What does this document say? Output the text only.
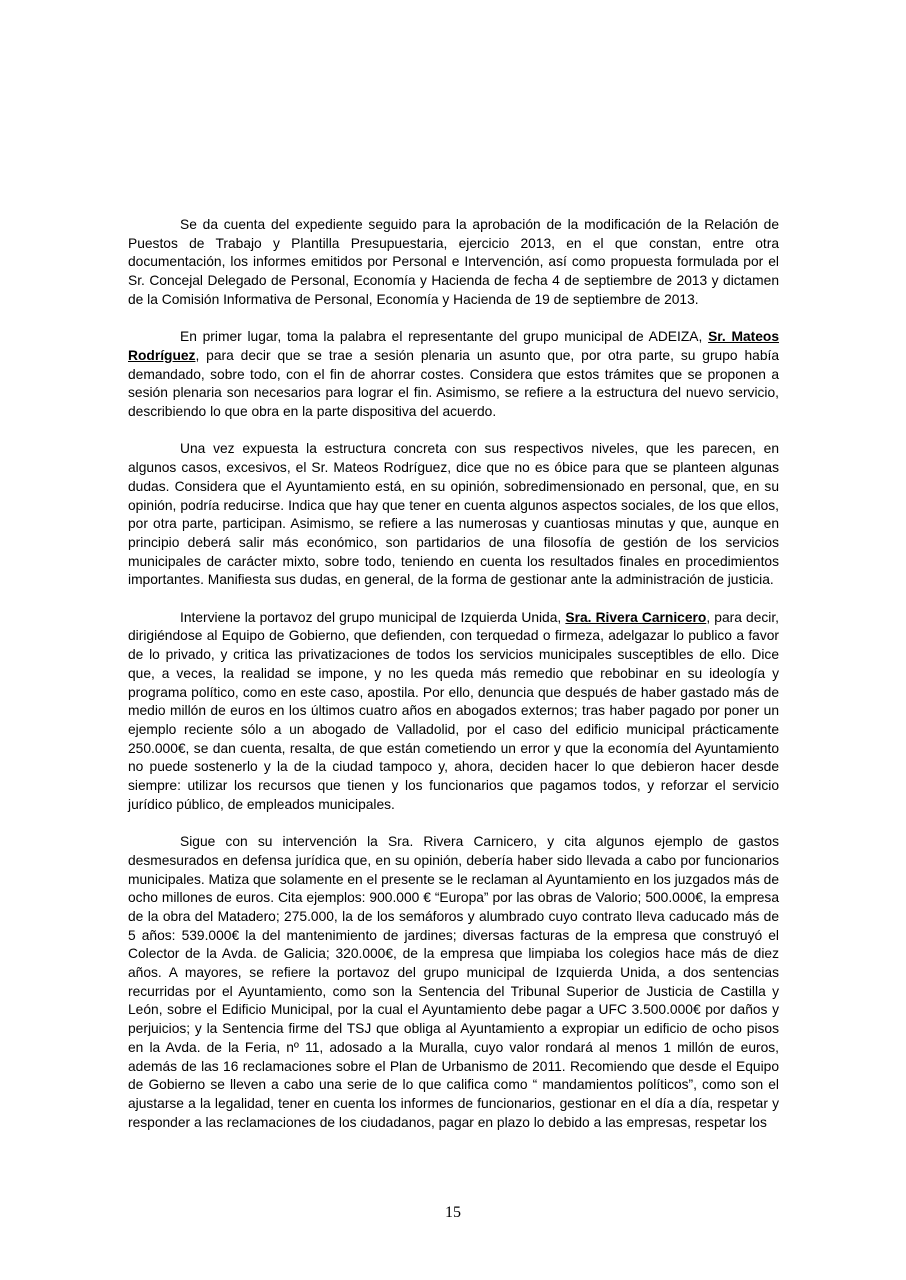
Se da cuenta del expediente seguido para la aprobación de la modificación de la Relación de Puestos de Trabajo y Plantilla Presupuestaria, ejercicio 2013, en el que constan, entre otra documentación, los informes emitidos por Personal e Intervención, así como propuesta formulada por el Sr. Concejal Delegado de Personal, Economía y Hacienda de fecha 4 de septiembre de 2013 y dictamen de la Comisión Informativa de Personal, Economía y Hacienda de 19 de septiembre de 2013.

En primer lugar, toma la palabra el representante del grupo municipal de ADEIZA, Sr. Mateos Rodríguez, para decir que se trae a sesión plenaria un asunto que, por otra parte, su grupo había demandado, sobre todo, con el fin de ahorrar costes. Considera que estos trámites que se proponen a sesión plenaria son necesarios para lograr el fin. Asimismo, se refiere a la estructura del nuevo servicio, describiendo lo que obra en la parte dispositiva del acuerdo.

Una vez expuesta la estructura concreta con sus respectivos niveles, que les parecen, en algunos casos, excesivos, el Sr. Mateos Rodríguez, dice que no es óbice para que se planteen algunas dudas. Considera que el Ayuntamiento está, en su opinión, sobredimensionado en personal, que, en su opinión, podría reducirse. Indica que hay que tener en cuenta algunos aspectos sociales, de los que ellos, por otra parte, participan. Asimismo, se refiere a las numerosas y cuantiosas minutas y que, aunque en principio deberá salir más económico, son partidarios de una filosofía de gestión de los servicios municipales de carácter mixto, sobre todo, teniendo en cuenta los resultados finales en procedimientos importantes. Manifiesta sus dudas, en general, de la forma de gestionar ante la administración de justicia.

Interviene la portavoz del grupo municipal de Izquierda Unida, Sra. Rivera Carnicero, para decir, dirigiéndose al Equipo de Gobierno, que defienden, con terquedad o firmeza, adelgazar lo publico a favor de lo privado, y critica las privatizaciones de todos los servicios municipales susceptibles de ello. Dice que, a veces, la realidad se impone, y no les queda más remedio que rebobinar en su ideología y programa político, como en este caso, apostila. Por ello, denuncia que después de haber gastado más de medio millón de euros en los últimos cuatro años en abogados externos; tras haber pagado por poner un ejemplo reciente sólo a un abogado de Valladolid, por el caso del edificio municipal prácticamente 250.000€, se dan cuenta, resalta, de que están cometiendo un error y que la economía del Ayuntamiento no puede sostenerlo y la de la ciudad tampoco y, ahora, deciden hacer lo que debieron hacer desde siempre: utilizar los recursos que tienen y los funcionarios que pagamos todos, y reforzar el servicio jurídico público, de empleados municipales.

Sigue con su intervención la Sra. Rivera Carnicero, y cita algunos ejemplo de gastos desmesurados en defensa jurídica que, en su opinión, debería haber sido llevada a cabo por funcionarios municipales. Matiza que solamente en el presente se le reclaman al Ayuntamiento en los juzgados más de ocho millones de euros. Cita ejemplos: 900.000 € “Europa” por las obras de Valorio; 500.000€, la empresa de la obra del Matadero; 275.000, la de los semáforos y alumbrado cuyo contrato lleva caducado más de 5 años: 539.000€ la del mantenimiento de jardines; diversas facturas de la empresa que construyó el Colector de la Avda. de Galicia; 320.000€, de la empresa que limpiaba los colegios hace más de diez años. A mayores, se refiere la portavoz del grupo municipal de Izquierda Unida, a dos sentencias recurridas por el Ayuntamiento, como son la Sentencia del Tribunal Superior de Justicia de Castilla y León, sobre el Edificio Municipal, por la cual el Ayuntamiento debe pagar a UFC 3.500.000€ por daños y perjuicios; y la Sentencia firme del TSJ que obliga al Ayuntamiento a expropiar un edificio de ocho pisos en la Avda. de la Feria, nº 11, adosado a la Muralla, cuyo valor rondará al menos 1 millón de euros, además de las 16 reclamaciones sobre el Plan de Urbanismo de 2011. Recomiendo que desde el Equipo de Gobierno se lleven a cabo una serie de lo que califica como “ mandamientos políticos”, como son el ajustarse a la legalidad, tener en cuenta los informes de funcionarios, gestionar en el día a día, respetar y responder a las reclamaciones de los ciudadanos, pagar en plazo lo debido a las empresas, respetar los

15
